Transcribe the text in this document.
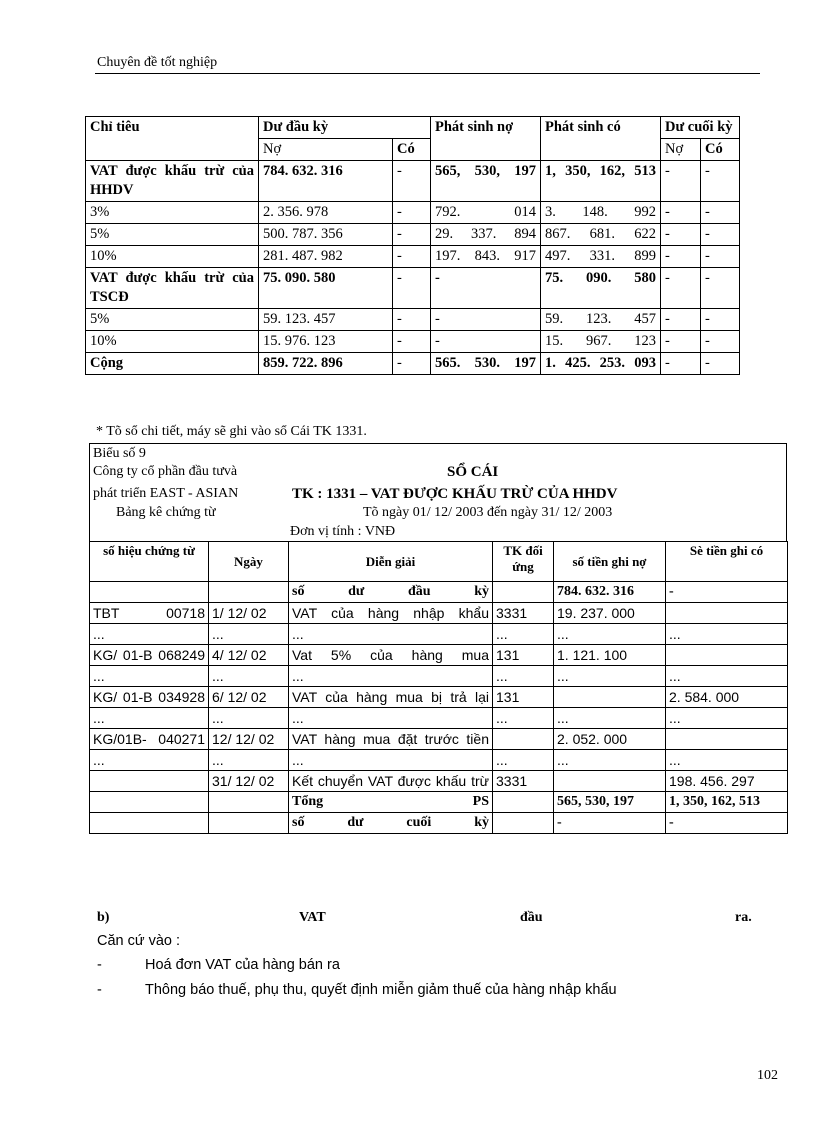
Chuyên đề tốt nghiệp
Chỉ tiêu	Dư đầu kỳ		Phát sinh nợ	Phát sinh có	Dư cuối kỳ	
	Nợ	Có			Nợ	Có
VAT được khấu trừ của HHDV	784. 632. 316	-	565, 530, 197	1, 350, 162, 513	-	-
3%	2. 356. 978	-	792. 014	3. 148. 992	-	-
5%	500. 787. 356	-	29. 337. 894	867. 681. 622	-	-
10%	281. 487. 982	-	197. 843. 917	497. 331. 899	-	-
VAT được khấu trừ của TSCĐ	75. 090. 580	-	-	75. 090. 580	-	-
5%	59. 123. 457	-	-	59. 123. 457	-	-
10%	15. 976. 123	-	-	15. 967. 123	-	-
Cộng	859. 722. 896	-	565. 530. 197	1. 425. 253. 093	-	-
* Tõ sổ chi tiết, máy sẽ ghi vào sổ Cái TK 1331.
Biểu số 9
Công ty cổ phần đầu tưvà
phát triển EAST - ASIAN
Bảng kê chứng từ
SỔ CÁI
TK : 1331 – VAT ĐƯỢC KHẤU TRỪ CỦA HHDV
Tõ ngày 01/ 12/ 2003 đến ngày 31/ 12/ 2003
Đơn vị tính : VNĐ
số hiệu chứng từ	Ngày	Diễn giải	TK đối ứng	số tiền ghi nợ	Sè tiền ghi có
		số dư đầu kỳ		784. 632. 316	-
TBT 00718	1/ 12/ 02	VAT của hàng nhập khẩu	3331	19. 237. 000	
...	...	...	...	...	...
KG/ 01-B 068249	4/ 12/ 02	Vat 5% của hàng mua	131	1. 121. 100	
...	...	...	...	...	...
KG/ 01-B 034928	6/ 12/ 02	VAT của hàng mua bị trả lại	131		2. 584. 000
...	...	...	...	...	...
KG/01B- 040271	12/ 12/ 02	VAT hàng mua đặt trước tiền		2. 052. 000	
...	...	...	...	...	...
	31/ 12/ 02	Kết chuyển VAT được khấu trừ	3331		198. 456. 297
		Tổng PS		565, 530, 197	1, 350, 162, 513
		số dư cuối kỳ		-	-
b)	VAT	đầu	ra.
Căn cứ vào :
-	Hoá đơn VAT của hàng bán ra
-	Thông báo thuế, phụ thu, quyết định miễn giảm thuế của hàng nhập khẩu
102
